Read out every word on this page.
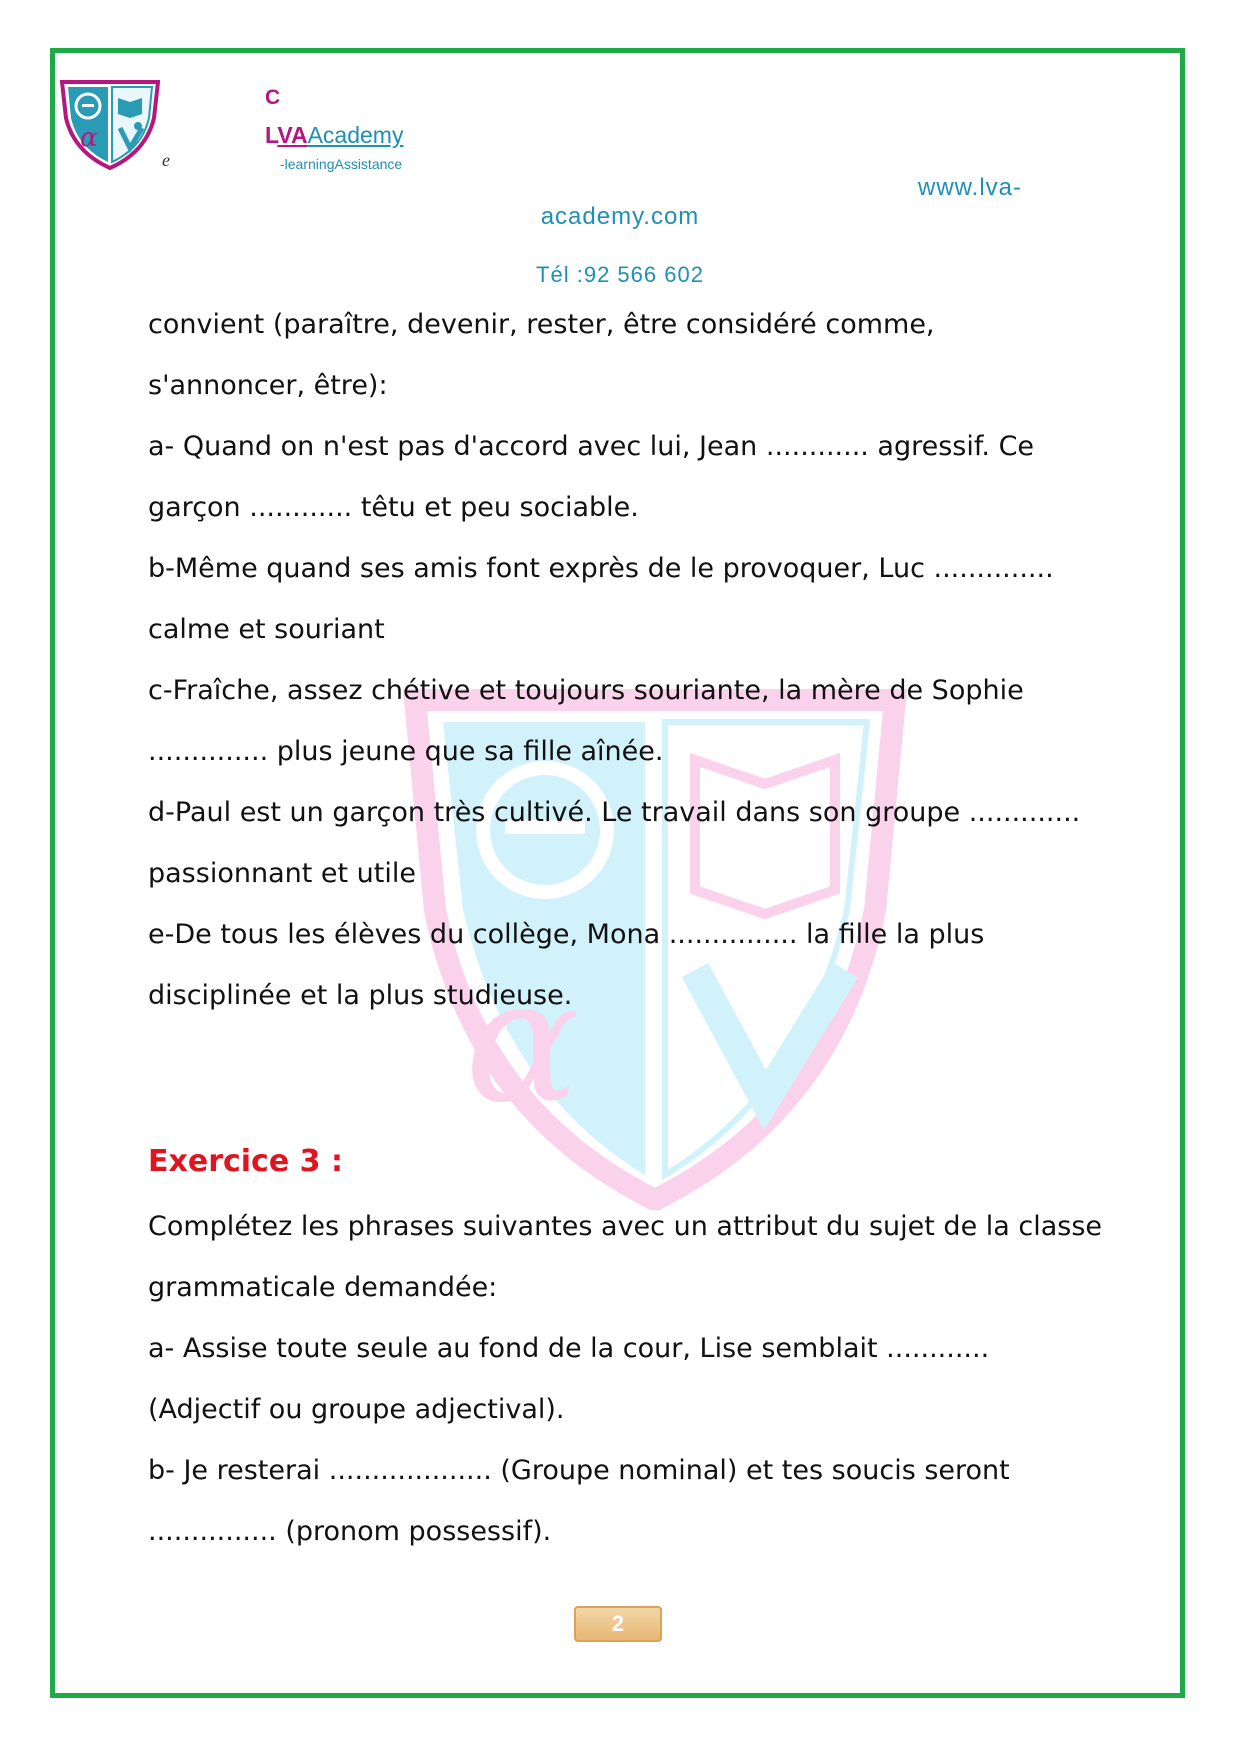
α
e
C
LVAAcademy
-learningAssistance
www.lva-
academy.com
Tél :92 566 602
α
convient (paraître, devenir, rester, être considéré comme,
s'annoncer, être):
a- Quand on n'est pas d'accord avec lui, Jean ............ agressif. Ce
garçon ............ têtu et peu sociable.
b-Même quand ses amis font exprès de le provoquer, Luc ..............
calme et souriant
c-Fraîche, assez chétive et toujours souriante, la mère de Sophie
.............. plus jeune que sa fille aînée.
d-Paul est un garçon très cultivé. Le travail dans son groupe .............
passionnant et utile
e-De tous les élèves du collège, Mona ............... la fille la plus
disciplinée et la plus studieuse.
Exercice 3 :
Complétez les phrases suivantes avec un attribut du sujet de la classe
grammaticale demandée:
a- Assise toute seule au fond de la cour, Lise semblait ............
(Adjectif ou groupe adjectival).
b- Je resterai ................... (Groupe nominal) et tes soucis seront
............... (pronom possessif).
2
